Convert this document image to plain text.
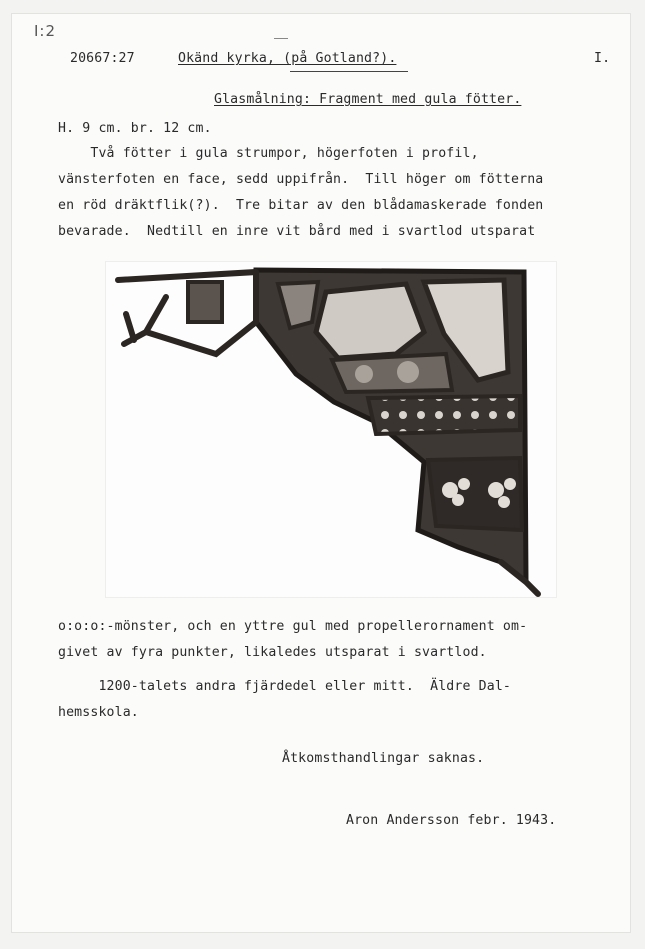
I:2
20667:27	Okänd kyrka, (på Gotland?).	I.
Glasmålning: Fragment med gula fötter.
H. 9 cm. br. 12 cm.
Två fötter i gula strumpor, högerfoten i profil,
vänsterfoten en face, sedd uppifrån.  Till höger om fötterna
en röd dräktflik(?).  Tre bitar av den blådamaskerade fonden
bevarade.  Nedtill en inre vit bård med i svartlod utsparat
o:o:o:-mönster, och en yttre gul med propellerornament om-
givet av fyra punkter, likaledes utsparat i svartlod.
1200-talets andra fjärdedel eller mitt.  Äldre Dal-
hemsskola.
Åtkomsthandlingar saknas.
Aron Andersson febr. 1943.
